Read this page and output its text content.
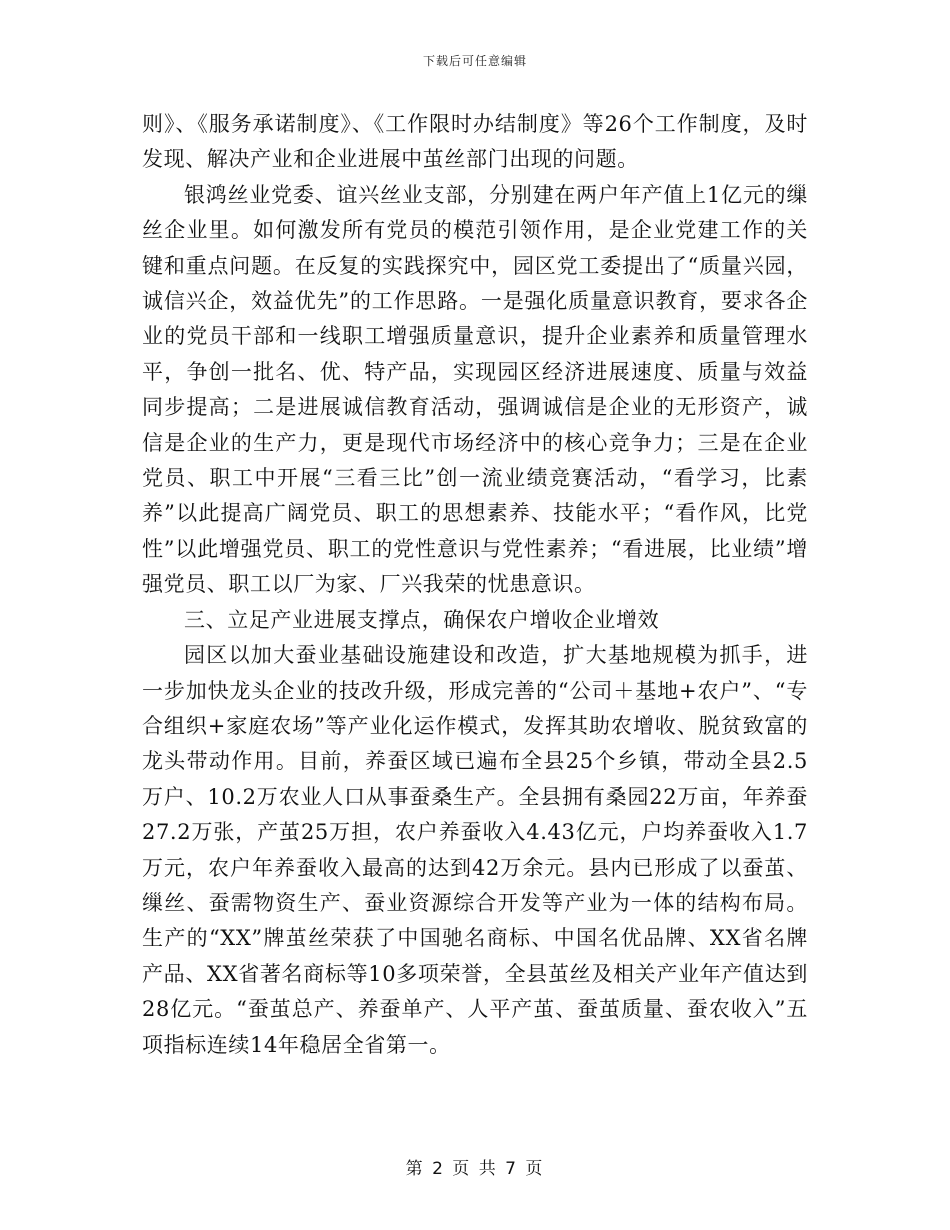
下载后可任意编辑

则》、《服务承诺制度》、《工作限时办结制度》等26个工作制度，及时发现、解决产业和企业进展中茧丝部门出现的问题。

银鸿丝业党委、谊兴丝业支部，分别建在两户年产值上1亿元的缫丝企业里。如何激发所有党员的模范引领作用，是企业党建工作的关键和重点问题。在反复的实践探究中，园区党工委提出了“质量兴园，诚信兴企，效益优先”的工作思路。一是强化质量意识教育，要求各企业的党员干部和一线职工增强质量意识，提升企业素养和质量管理水平，争创一批名、优、特产品，实现园区经济进展速度、质量与效益同步提高；二是进展诚信教育活动，强调诚信是企业的无形资产，诚信是企业的生产力，更是现代市场经济中的核心竞争力；三是在企业党员、职工中开展“三看三比”创一流业绩竞赛活动，“看学习，比素养”以此提高广阔党员、职工的思想素养、技能水平；“看作风，比党性”以此增强党员、职工的党性意识与党性素养；“看进展，比业绩”增强党员、职工以厂为家、厂兴我荣的忧患意识。

三、立足产业进展支撑点，确保农户增收企业增效

园区以加大蚕业基础设施建设和改造，扩大基地规模为抓手，进一步加快龙头企业的技改升级，形成完善的“公司＋基地+农户”、“专合组织+家庭农场”等产业化运作模式，发挥其助农增收、脱贫致富的龙头带动作用。目前，养蚕区域已遍布全县25个乡镇，带动全县2.5万户、10.2万农业人口从事蚕桑生产。全县拥有桑园22万亩，年养蚕27.2万张，产茧25万担，农户养蚕收入4.43亿元，户均养蚕收入1.7万元，农户年养蚕收入最高的达到42万余元。县内已形成了以蚕茧、缫丝、蚕需物资生产、蚕业资源综合开发等产业为一体的结构布局。生产的“XX”牌茧丝荣获了中国驰名商标、中国名优品牌、XX省名牌产品、XX省著名商标等10多项荣誉，全县茧丝及相关产业年产值达到28亿元。“蚕茧总产、养蚕单产、人平产茧、蚕茧质量、蚕农收入”五项指标连续14年稳居全省第一。

第 2 页 共 7 页
